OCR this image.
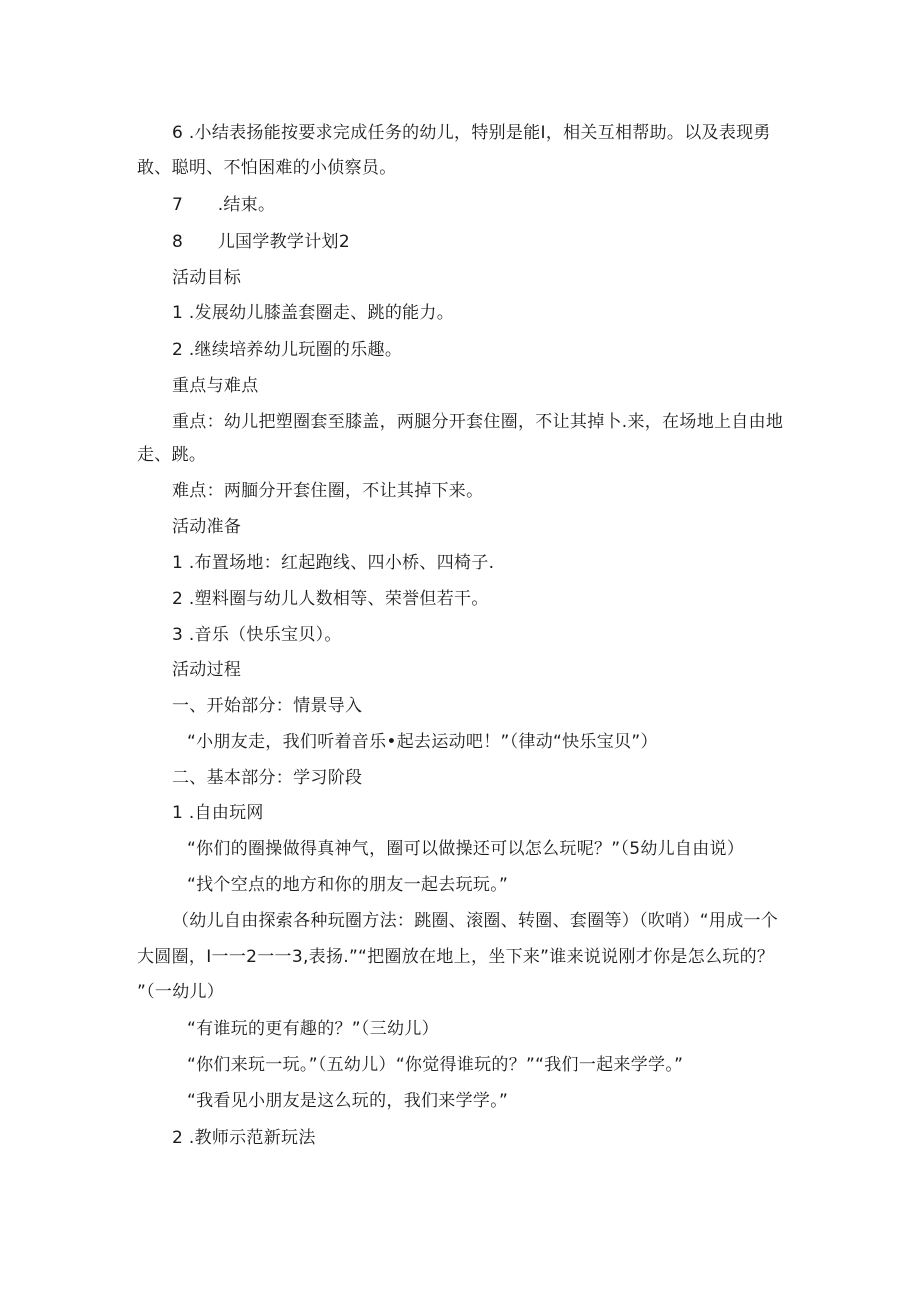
6 .小结表扬能按要求完成任务的幼儿，特别是能I，相关互相帮助。以及表现勇
敢、聪明、不怕困难的小侦察员。
7　　.结束。
8　　儿国学教学计划2
活动目标
1 .发展幼儿膝盖套圈走、跳的能力。
2 .继续培养幼儿玩圈的乐趣。
重点与难点
重点：幼儿把塑圈套至膝盖，两腿分开套住圈，不让其掉卜.来，在场地上自由地
走、跳。
难点：两腼分开套住圈，不让其掉下来。
活动准备
1 .布置场地：红起跑线、四小桥、四椅子.
2 .塑料圈与幼儿人数相等、荣誉但若干。
3 .音乐（快乐宝贝）。
活动过程
一、开始部分：情景导入
“小朋友走，我们听着音乐•起去运动吧！”（律动“快乐宝贝”）
二、基本部分：学习阶段
1 .自由玩网
“你们的圈操做得真神气，圈可以做操还可以怎么玩呢？”（5幼儿自由说）
“找个空点的地方和你的朋友一起去玩玩。”
（幼儿自由探索各种玩圈方法：跳圈、滚圈、转圈、套圈等）（吹哨）“用成一个
大圆圈，I一一2一一3,表扬.”“把圈放在地上，坐下来”谁来说说刚才你是怎么玩的？
”（一幼儿）
“有谁玩的更有趣的？”（三幼儿）
“你们来玩一玩。”（五幼儿）“你觉得谁玩的？”“我们一起来学学。”
“我看见小朋友是这么玩的，我们来学学。”
2 .教师示范新玩法
